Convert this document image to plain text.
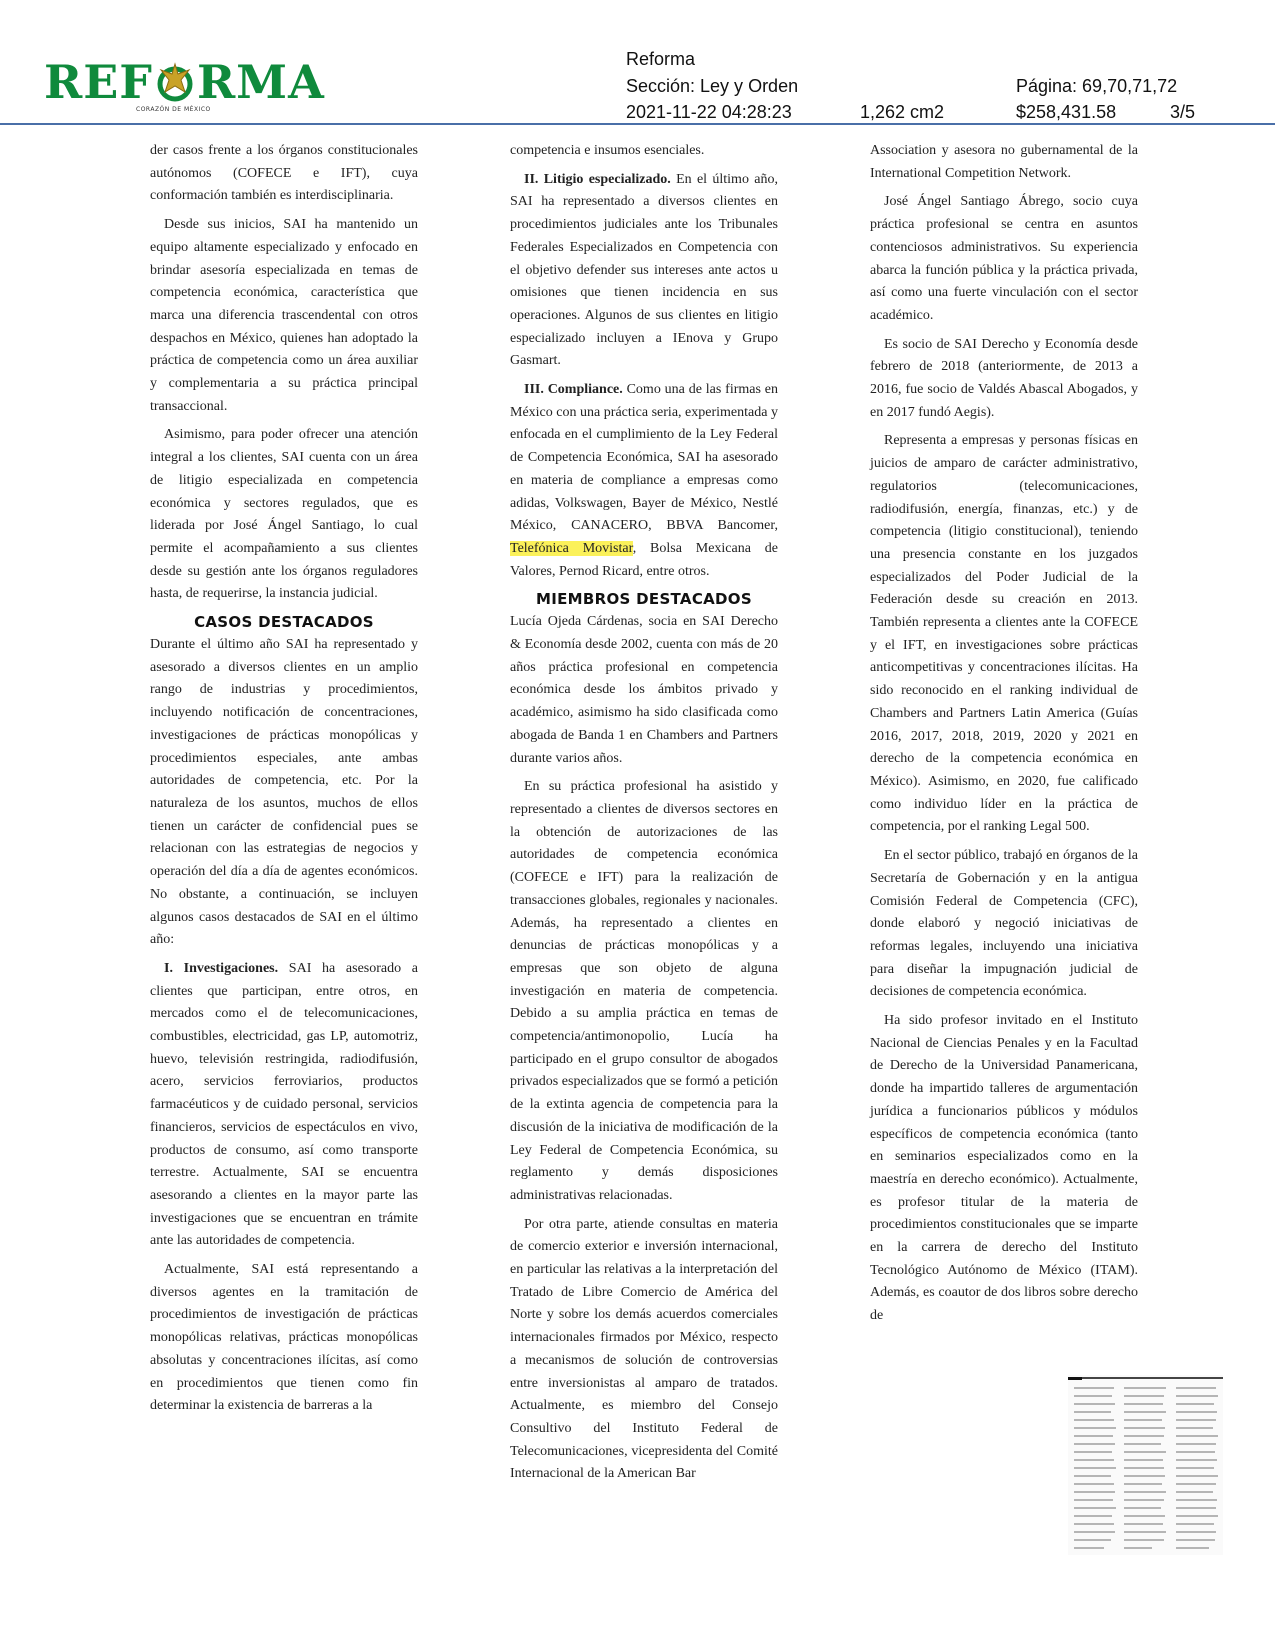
REF RMA
CORAZÓN DE MÉXICO
Reforma
Sección: Ley y Orden
2021-11-22 04:28:23	1,262 cm2
Página: 69,70,71,72
$258,431.58	3/5

der casos frente a los órganos constitucionales autónomos (COFECE e IFT), cuya conformación también es interdisciplinaria.

Desde sus inicios, SAI ha mantenido un equipo altamente especializado y enfocado en brindar asesoría especializada en temas de competencia económica, característica que marca una diferencia trascendental con otros despachos en México, quienes han adoptado la práctica de competencia como un área auxiliar y complementaria a su práctica principal transaccional.

Asimismo, para poder ofrecer una atención integral a los clientes, SAI cuenta con un área de litigio especializada en competencia económica y sectores regulados, que es liderada por José Ángel Santiago, lo cual permite el acompañamiento a sus clientes desde su gestión ante los órganos reguladores hasta, de requerirse, la instancia judicial.

CASOS DESTACADOS

Durante el último año SAI ha representado y asesorado a diversos clientes en un amplio rango de industrias y procedimientos, incluyendo notificación de concentraciones, investigaciones de prácticas monopólicas y procedimientos especiales, ante ambas autoridades de competencia, etc. Por la naturaleza de los asuntos, muchos de ellos tienen un carácter de confidencial pues se relacionan con las estrategias de negocios y operación del día a día de agentes económicos. No obstante, a continuación, se incluyen algunos casos destacados de SAI en el último año:

I. Investigaciones. SAI ha asesorado a clientes que participan, entre otros, en mercados como el de telecomunicaciones, combustibles, electricidad, gas LP, automotriz, huevo, televisión restringida, radiodifusión, acero, servicios ferroviarios, productos farmacéuticos y de cuidado personal, servicios financieros, servicios de espectáculos en vivo, productos de consumo, así como transporte terrestre. Actualmente, SAI se encuentra asesorando a clientes en la mayor parte las investigaciones que se encuentran en trámite ante las autoridades de competencia.

Actualmente, SAI está representando a diversos agentes en la tramitación de procedimientos de investigación de prácticas monopólicas relativas, prácticas monopólicas absolutas y concentraciones ilícitas, así como en procedimientos que tienen como fin determinar la existencia de barreras a la

competencia e insumos esenciales.

II. Litigio especializado. En el último año, SAI ha representado a diversos clientes en procedimientos judiciales ante los Tribunales Federales Especializados en Competencia con el objetivo defender sus intereses ante actos u omisiones que tienen incidencia en sus operaciones. Algunos de sus clientes en litigio especializado incluyen a IEnova y Grupo Gasmart.

III. Compliance. Como una de las firmas en México con una práctica seria, experimentada y enfocada en el cumplimiento de la Ley Federal de Competencia Económica, SAI ha asesorado en materia de compliance a empresas como adidas, Volkswagen, Bayer de México, Nestlé México, CANACERO, BBVA Bancomer, Telefónica Movistar, Bolsa Mexicana de Valores, Pernod Ricard, entre otros.

MIEMBROS DESTACADOS

Lucía Ojeda Cárdenas, socia en SAI Derecho & Economía desde 2002, cuenta con más de 20 años práctica profesional en competencia económica desde los ámbitos privado y académico, asimismo ha sido clasificada como abogada de Banda 1 en Chambers and Partners durante varios años.

En su práctica profesional ha asistido y representado a clientes de diversos sectores en la obtención de autorizaciones de las autoridades de competencia económica (COFECE e IFT) para la realización de transacciones globales, regionales y nacionales. Además, ha representado a clientes en denuncias de prácticas monopólicas y a empresas que son objeto de alguna investigación en materia de competencia. Debido a su amplia práctica en temas de competencia/antimonopolio, Lucía ha participado en el grupo consultor de abogados privados especializados que se formó a petición de la extinta agencia de competencia para la discusión de la iniciativa de modificación de la Ley Federal de Competencia Económica, su reglamento y demás disposiciones administrativas relacionadas.

Por otra parte, atiende consultas en materia de comercio exterior e inversión internacional, en particular las relativas a la interpretación del Tratado de Libre Comercio de América del Norte y sobre los demás acuerdos comerciales internacionales firmados por México, respecto a mecanismos de solución de controversias entre inversionistas al amparo de tratados. Actualmente, es miembro del Consejo Consultivo del Instituto Federal de Telecomunicaciones, vicepresidenta del Comité Internacional de la American Bar

Association y asesora no gubernamental de la International Competition Network.

José Ángel Santiago Ábrego, socio cuya práctica profesional se centra en asuntos contenciosos administrativos. Su experiencia abarca la función pública y la práctica privada, así como una fuerte vinculación con el sector académico.

Es socio de SAI Derecho y Economía desde febrero de 2018 (anteriormente, de 2013 a 2016, fue socio de Valdés Abascal Abogados, y en 2017 fundó Aegis).

Representa a empresas y personas físicas en juicios de amparo de carácter administrativo, regulatorios (telecomunicaciones, radiodifusión, energía, finanzas, etc.) y de competencia (litigio constitucional), teniendo una presencia constante en los juzgados especializados del Poder Judicial de la Federación desde su creación en 2013. También representa a clientes ante la COFECE y el IFT, en investigaciones sobre prácticas anticompetitivas y concentraciones ilícitas. Ha sido reconocido en el ranking individual de Chambers and Partners Latin America (Guías 2016, 2017, 2018, 2019, 2020 y 2021 en derecho de la competencia económica en México). Asimismo, en 2020, fue calificado como individuo líder en la práctica de competencia, por el ranking Legal 500.

En el sector público, trabajó en órganos de la Secretaría de Gobernación y en la antigua Comisión Federal de Competencia (CFC), donde elaboró y negoció iniciativas de reformas legales, incluyendo una iniciativa para diseñar la impugnación judicial de decisiones de competencia económica.

Ha sido profesor invitado en el Instituto Nacional de Ciencias Penales y en la Facultad de Derecho de la Universidad Panamericana, donde ha impartido talleres de argumentación jurídica a funcionarios públicos y módulos específicos de competencia económica (tanto en seminarios especializados como en la maestría en derecho económico). Actualmente, es profesor titular de la materia de procedimientos constitucionales que se imparte en la carrera de derecho del Instituto Tecnológico Autónomo de México (ITAM). Además, es coautor de dos libros sobre derecho de
